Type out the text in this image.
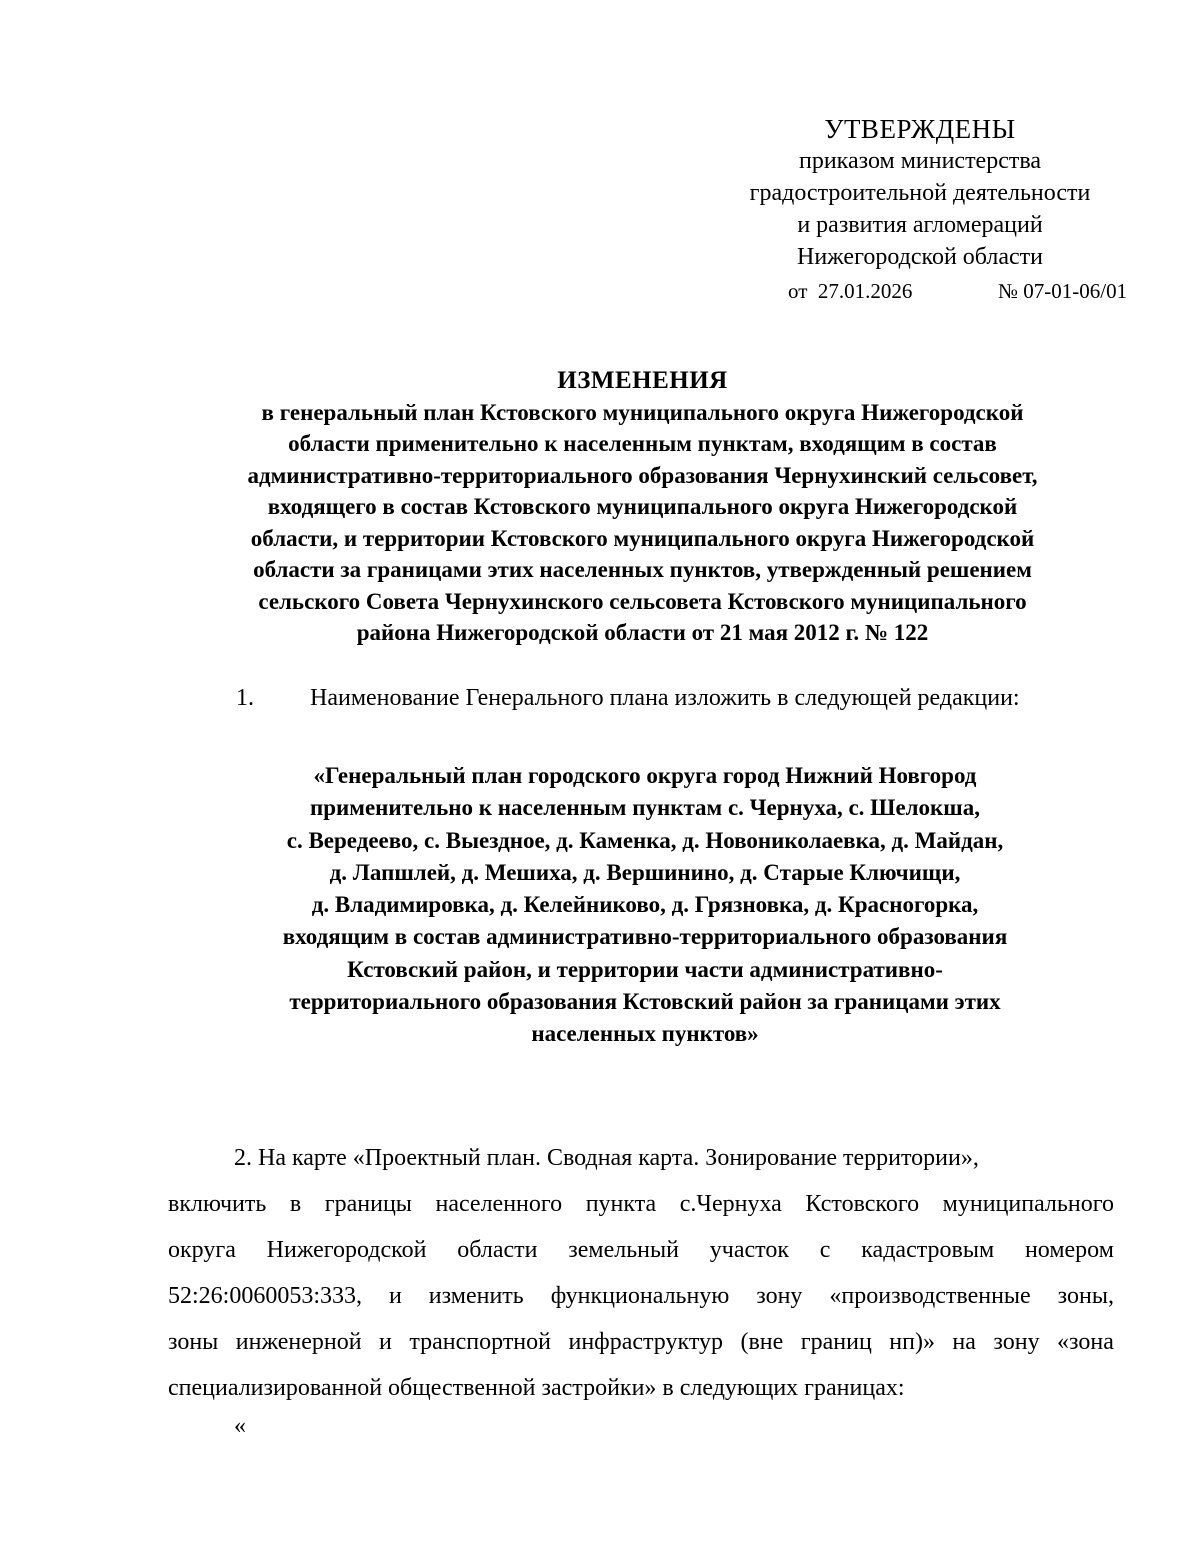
УТВЕРЖДЕНЫ
приказом министерства
градостроительной деятельности
и развития агломераций
Нижегородской области
от 27.01.2026	№ 07-01-06/01
ИЗМЕНЕНИЯ
в генеральный план Кстовского муниципального округа Нижегородской
области применительно к населенным пунктам, входящим в состав
административно-территориального образования Чернухинский сельсовет,
входящего в состав Кстовского муниципального округа Нижегородской
области, и территории Кстовского муниципального округа Нижегородской
области за границами этих населенных пунктов, утвержденный решением
сельского Совета Чернухинского сельсовета Кстовского муниципального
района Нижегородской области от 21 мая 2012 г. № 122
1. Наименование Генерального плана изложить в следующей редакции:
«Генеральный план городского округа город Нижний Новгород
применительно к населенным пунктам с. Чернуха, с. Шелокша,
с. Вередеево, с. Выездное, д. Каменка, д. Новониколаевка, д. Майдан,
д. Лапшлей, д. Мешиха, д. Вершинино, д. Старые Ключищи,
д. Владимировка, д. Келейниково, д. Грязновка, д. Красногорка,
входящим в состав административно-территориального образования
Кстовский район, и территории части административно-
территориального образования Кстовский район за границами этих
населенных пунктов»
2. На карте «Проектный план. Сводная карта. Зонирование территории»,
включить в границы населенного пункта с.Чернуха Кстовского муниципального
округа Нижегородской области земельный участок с кадастровым номером
52:26:0060053:333, и изменить функциональную зону «производственные зоны,
зоны инженерной и транспортной инфраструктур (вне границ нп)» на зону «зона
специализированной общественной застройки» в следующих границах:
«
